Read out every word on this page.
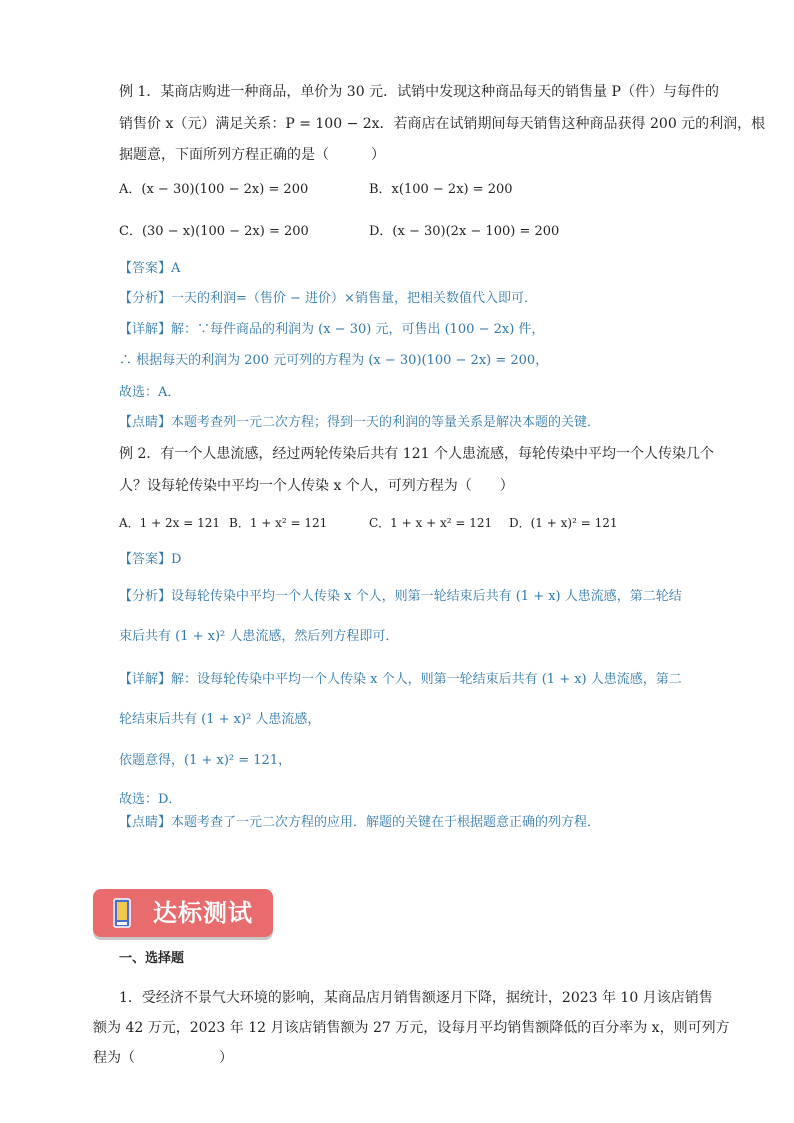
例 1．某商店购进一种商品，单价为 30 元．试销中发现这种商品每天的销售量 P（件）与每件的
销售价 x（元）满足关系：P = 100 − 2x．若商店在试销期间每天销售这种商品获得 200 元的利润，根
据题意，下面所列方程正确的是（　　　）
A．(x − 30)(100 − 2x) = 200	B．x(100 − 2x) = 200
C．(30 − x)(100 − 2x) = 200	D．(x − 30)(2x − 100) = 200
【答案】A
【分析】一天的利润=（售价 − 进价）×销售量，把相关数值代入即可．
【详解】解：∵每件商品的利润为 (x − 30) 元，可售出 (100 − 2x) 件，
∴ 根据每天的利润为 200 元可列的方程为 (x − 30)(100 − 2x) = 200，
故选：A．
【点睛】本题考查列一元二次方程；得到一天的利润的等量关系是解决本题的关键．
例 2．有一个人患流感，经过两轮传染后共有 121 个人患流感，每轮传染中平均一个人传染几个
人？设每轮传染中平均一个人传染 x 个人，可列方程为（　　）
A．1 + 2x = 121 B．1 + x² = 121	C．1 + x + x² = 121 D．(1 + x)² = 121
【答案】D
【分析】设每轮传染中平均一个人传染 x 个人，则第一轮结束后共有 (1 + x) 人患流感，第二轮结
束后共有 (1 + x)² 人患流感，然后列方程即可．
【详解】解：设每轮传染中平均一个人传染 x 个人，则第一轮结束后共有 (1 + x) 人患流感，第二
轮结束后共有 (1 + x)² 人患流感，
依题意得，(1 + x)² = 121，
故选：D．
【点睛】本题考查了一元二次方程的应用．解题的关键在于根据题意正确的列方程．
达标测试
一、选择题
1．受经济不景气大环境的影响，某商品店月销售额逐月下降，据统计，2023 年 10 月该店销售
额为 42 万元，2023 年 12 月该店销售额为 27 万元，设每月平均销售额降低的百分率为 x，则可列方
程为（　　　　　　）
